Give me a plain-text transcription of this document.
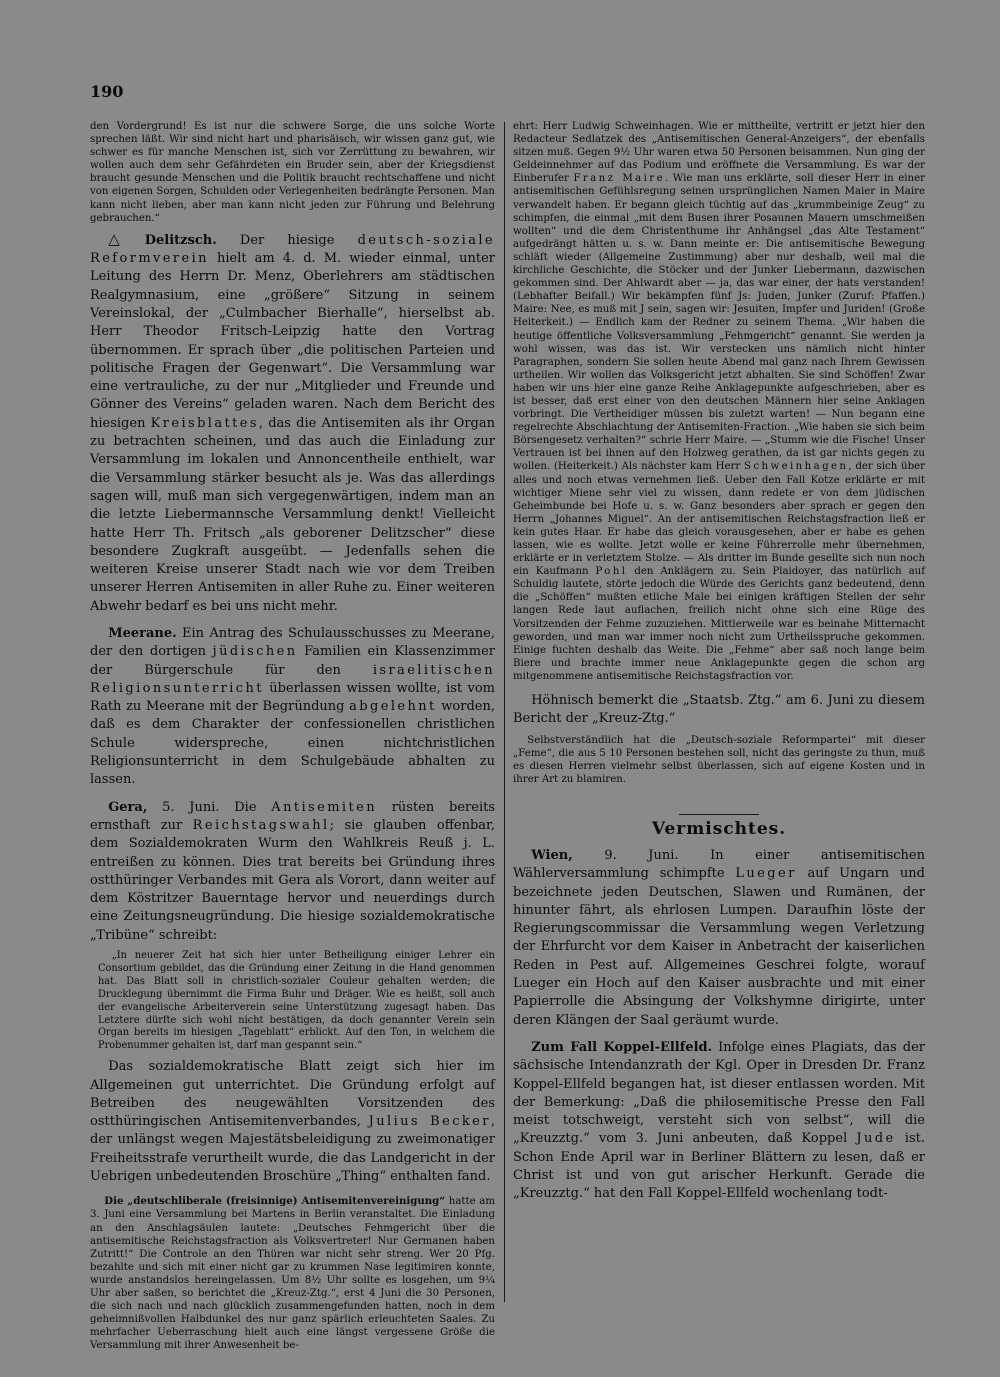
190

den Vordergrund! Es ist nur die schwere Sorge, die uns solche Worte sprechen läßt. Wir sind nicht hart und pharisäisch, wir wissen ganz gut, wie schwer es für manche Menschen ist, sich vor Zerrüttung zu bewahren, wir wollen auch dem sehr Gefährdeten ein Bruder sein, aber der Kriegsdienst braucht gesunde Menschen und die Politik braucht rechtschaffene und nicht von eigenen Sorgen, Schulden oder Verlegenheiten bedrängte Personen. Man kann nicht lieben, aber man kann nicht jeden zur Führung und Belehrung gebrauchen.“

△ Delitzsch. Der hiesige deutsch-soziale Reformverein hielt am 4. d. M. wieder einmal, unter Leitung des Herrn Dr. Menz, Oberlehrers am städtischen Realgymnasium, eine „größere“ Sitzung in seinem Vereinslokal, der „Culmbacher Bierhalle“, hierselbst ab. Herr Theodor Fritsch-Leipzig hatte den Vortrag übernommen. Er sprach über „die politischen Parteien und politische Fragen der Gegenwart“. Die Versammlung war eine vertrauliche, zu der nur „Mitglieder und Freunde und Gönner des Vereins“ geladen waren. Nach dem Bericht des hiesigen Kreisblattes, das die Antisemiten als ihr Organ zu betrachten scheinen, und das auch die Einladung zur Versammlung im lokalen und Annoncentheile enthielt, war die Versammlung stärker besucht als je. Was das allerdings sagen will, muß man sich vergegenwärtigen, indem man an die letzte Liebermannsche Versammlung denkt! Vielleicht hatte Herr Th. Fritsch „als geborener Delitzscher“ diese besondere Zugkraft ausgeübt. — Jedenfalls sehen die weiteren Kreise unserer Stadt nach wie vor dem Treiben unserer Herren Antisemiten in aller Ruhe zu. Einer weiteren Abwehr bedarf es bei uns nicht mehr.

Meerane. Ein Antrag des Schulausschusses zu Meerane, der den dortigen jüdischen Familien ein Klassenzimmer der Bürgerschule für den israelitischen Religionsunterricht überlassen wissen wollte, ist vom Rath zu Meerane mit der Begründung abgelehnt worden, daß es dem Charakter der confessionellen christlichen Schule widerspreche, einen nichtchristlichen Religionsunterricht in dem Schulgebäude abhalten zu lassen.

Gera, 5. Juni. Die Antisemiten rüsten bereits ernsthaft zur Reichstagswahl; sie glauben offenbar, dem Sozialdemokraten Wurm den Wahlkreis Reuß j. L. entreißen zu können. Dies trat bereits bei Gründung ihres ostthüringer Verbandes mit Gera als Vorort, dann weiter auf dem Köstritzer Bauerntage hervor und neuerdings durch eine Zeitungsneugründung. Die hiesige sozialdemokratische „Tribüne“ schreibt:

„In neuerer Zeit hat sich hier unter Betheiligung einiger Lehrer ein Consortium gebildet, das die Gründung einer Zeitung in die Hand genommen hat. Das Blatt soll in christlich-sozialer Couleur gehalten werden; die Drucklegung übernimmt die Firma Buhr und Dräger. Wie es heißt, soll auch der evangelische Arbeiterverein seine Unterstützung zugesagt haben. Das Letztere dürfte sich wohl nicht bestätigen, da doch genannter Verein sein Organ bereits im hiesigen „Tageblatt“ erblickt. Auf den Ton, in welchem die Probenummer gehalten ist, darf man gespannt sein.“

Das sozialdemokratische Blatt zeigt sich hier im Allgemeinen gut unterrichtet. Die Gründung erfolgt auf Betreiben des neugewählten Vorsitzenden des ostthüringischen Antisemitenverbandes, Julius Becker, der unlängst wegen Majestätsbeleidigung zu zweimonatiger Freiheitsstrafe verurtheilt wurde, die das Landgericht in der Uebrigen unbedeutenden Broschüre „Thing“ enthalten fand.

Die „deutschliberale (freisinnige) Antisemitenvereinigung“ hatte am 3. Juni eine Versammlung bei Martens in Berlin veranstaltet. Die Einladung an den Anschlagsäulen lautete: „Deutsches Fehmgericht über die antisemitische Reichstagsfraction als Volksvertreter! Nur Germanen haben Zutritt!“ Die Controle an den Thüren war nicht sehr streng. Wer 20 Pfg. bezahlte und sich mit einer nicht gar zu krummen Nase legitimiren konnte, wurde anstandslos hereingelassen. Um 8½ Uhr sollte es losgehen, um 9¼ Uhr aber saßen, so berichtet die „Kreuz-Ztg.“, erst 4 Juni die 30 Personen, die sich nach und nach glücklich zusammengefunden hatten, noch in dem geheimnißvollen Halbdunkel des nur ganz spärlich erleuchteten Saales. Zu mehrfacher Ueberraschung hielt auch eine längst vergessene Größe die Versammlung mit ihrer Anwesenheit be-

ehrt: Herr Ludwig Schweinhagen. Wie er mittheilte, vertritt er jetzt hier den Redacteur Sedlatzek des „Antisemitischen General-Anzeigers“, der ebenfalls sitzen muß. Gegen 9½ Uhr waren etwa 50 Personen beisammen. Nun ging der Geldeinnehmer auf das Podium und eröffnete die Versammlung. Es war der Einberufer Franz Maire. Wie man uns erklärte, soll dieser Herr in einer antisemitischen Gefühlsregung seinen ursprünglichen Namen Maier in Maire verwandelt haben. Er begann gleich tüchtig auf das „krummbeinige Zeug“ zu schimpfen, die einmal „mit dem Busen ihrer Posaunen Mauern umschmeißen wollten“ und die dem Christenthume ihr Anhängsel „das Alte Testament“ aufgedrängt hätten u. s. w. Dann meinte er: Die antisemitische Bewegung schläft wieder (Allgemeine Zustimmung) aber nur deshalb, weil mal die kirchliche Geschichte, die Stöcker und der Junker Liebermann, dazwischen gekommen sind. Der Ahlwardt aber — ja, das war einer, der hats verstanden! (Lebhafter Beifall.) Wir bekämpfen fünf Js: Juden, Junker (Zuruf: Pfaffen.) Maire: Nee, es muß mit J sein, sagen wir: Jesuiten, Impfer und Juriden! (Große Heiterkeit.) — Endlich kam der Redner zu seinem Thema. „Wir haben die heutige öffentliche Volksversammlung „Fehmgericht“ genannt. Sie werden ja wohl wissen, was das ist. Wir verstecken uns nämlich nicht hinter Paragraphen, sondern Sie sollen heute Abend mal ganz nach Ihrem Gewissen urtheilen. Wir wollen das Volksgericht jetzt abhalten. Sie sind Schöffen! Zwar haben wir uns hier eine ganze Reihe Anklagepunkte aufgeschrieben, aber es ist besser, daß erst einer von den deutschen Männern hier seine Anklagen vorbringt. Die Vertheidiger müssen bis zuletzt warten! — Nun begann eine regelrechte Abschlachtung der Antisemiten-Fraction. „Wie haben sie sich beim Börsengesetz verhalten?“ schrie Herr Maire. — „Stumm wie die Fische! Unser Vertrauen ist bei ihnen auf den Holzweg gerathen, da ist gar nichts gegen zu wollen. (Heiterkeit.) Als nächster kam Herr Schweinhagen, der sich über alles und noch etwas vernehmen ließ. Ueber den Fall Kotze erklärte er mit wichtiger Miene sehr viel zu wissen, dann redete er von dem jüdischen Geheimbunde bei Hofe u. s. w. Ganz besonders aber sprach er gegen den Herrn „Johannes Miguel“. An der antisemitischen Reichstagsfraction ließ er kein gutes Haar. Er habe das gleich vorausgesehen, aber er habe es gehen lassen, wie es wollte. Jetzt wolle er keine Führerrolle mehr übernehmen, erklärte er in verletztem Stolze. — Als dritter im Bunde gesellte sich nun noch ein Kaufmann Pohl den Anklägern zu. Sein Plaidoyer, das natürlich auf Schuldig lautete, störte jedoch die Würde des Gerichts ganz bedeutend, denn die „Schöffen“ mußten etliche Male bei einigen kräftigen Stellen der sehr langen Rede laut auflachen, freilich nicht ohne sich eine Rüge des Vorsitzenden der Fehme zuzuziehen. Mittlerweile war es beinahe Mitternacht geworden, und man war immer noch nicht zum Urtheilsspruche gekommen. Einige fuchten deshalb das Weite. Die „Fehme“ aber saß noch lange beim Biere und brachte immer neue Anklagepunkte gegen die schon arg mitgenommene antisemitische Reichstagsfraction vor.

Höhnisch bemerkt die „Staatsb. Ztg.“ am 6. Juni zu diesem Bericht der „Kreuz-Ztg.“

Selbstverständlich hat die „Deutsch-soziale Reformpartei“ mit dieser „Feme“, die aus 5 10 Personen bestehen soll, nicht das geringste zu thun, muß es diesen Herren vielmehr selbst überlassen, sich auf eigene Kosten und in ihrer Art zu blamiren.

Vermischtes.

Wien, 9. Juni. In einer antisemitischen Wählerversammlung schimpfte Lueger auf Ungarn und bezeichnete jeden Deutschen, Slawen und Rumänen, der hinunter fährt, als ehrlosen Lumpen. Daraufhin löste der Regierungscommissar die Versammlung wegen Verletzung der Ehrfurcht vor dem Kaiser in Anbetracht der kaiserlichen Reden in Pest auf. Allgemeines Geschrei folgte, worauf Lueger ein Hoch auf den Kaiser ausbrachte und mit einer Papierrolle die Absingung der Volkshymne dirigirte, unter deren Klängen der Saal geräumt wurde.

Zum Fall Koppel-Ellfeld. Infolge eines Plagiats, das der sächsische Intendanzrath der Kgl. Oper in Dresden Dr. Franz Koppel-Ellfeld begangen hat, ist dieser entlassen worden. Mit der Bemerkung: „Daß die philosemitische Presse den Fall meist totschweigt, versteht sich von selbst“, will die „Kreuzztg.“ vom 3. Juni anbeuten, daß Koppel Jude ist. Schon Ende April war in Berliner Blättern zu lesen, daß er Christ ist und von gut arischer Herkunft. Gerade die „Kreuzztg.“ hat den Fall Koppel-Ellfeld wochenlang todt-
